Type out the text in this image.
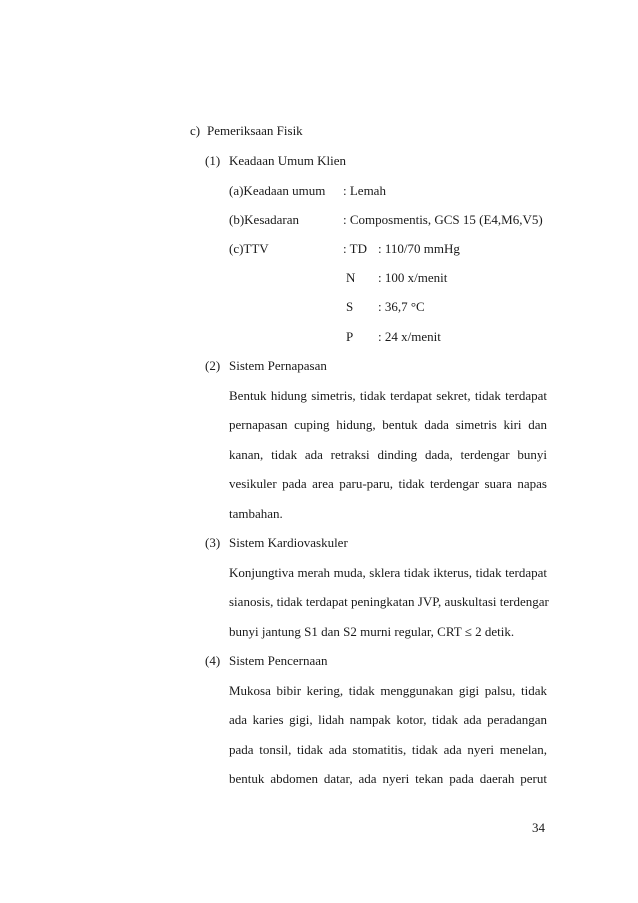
c) Pemeriksaan Fisik
(1) Keadaan Umum Klien
(a)Keadaan umum : Lemah
(b)Kesadaran	: Composmentis, GCS 15 (E4,M6,V5)
(c)TTV	: TD : 110/70 mmHg
N : 100 x/menit
S : 36,7 °C
P : 24 x/menit
(2) Sistem Pernapasan
Bentuk hidung simetris, tidak terdapat sekret, tidak terdapat
pernapasan cuping hidung, bentuk dada simetris kiri dan
kanan, tidak ada retraksi dinding dada, terdengar bunyi
vesikuler pada area paru-paru, tidak terdengar suara napas
tambahan.
(3) Sistem Kardiovaskuler
Konjungtiva merah muda, sklera tidak ikterus, tidak terdapat
sianosis, tidak terdapat peningkatan JVP, auskultasi terdengar
bunyi jantung S1 dan S2 murni regular, CRT ≤ 2 detik.
(4) Sistem Pencernaan
Mukosa bibir kering, tidak menggunakan gigi palsu, tidak
ada karies gigi, lidah nampak kotor, tidak ada peradangan
pada tonsil, tidak ada stomatitis, tidak ada nyeri menelan,
bentuk abdomen datar, ada nyeri tekan pada daerah perut
34
